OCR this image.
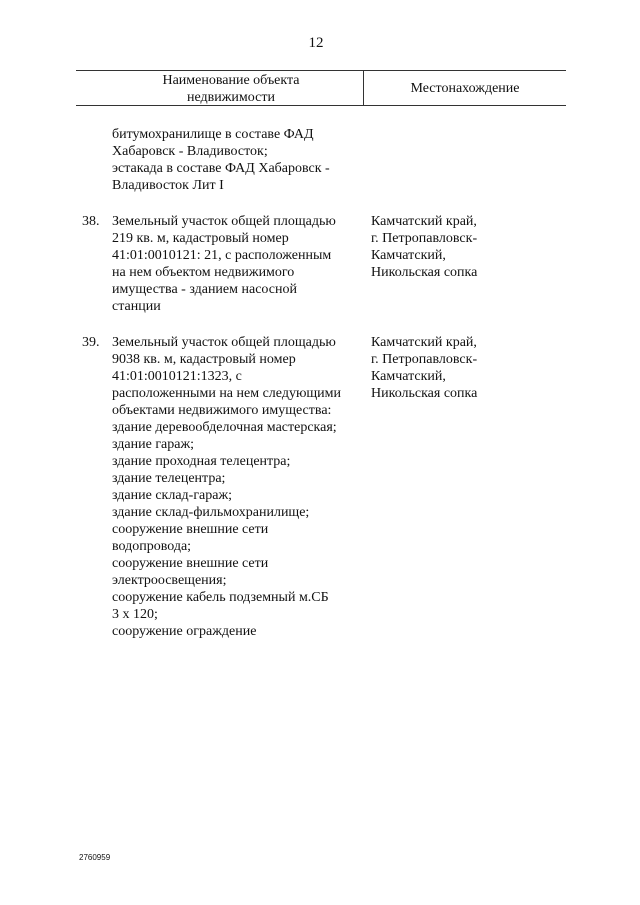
12
Наименование объекта
недвижимости
Местонахождение
битумохранилище в составе ФАД
Хабаровск - Владивосток;
эстакада в составе ФАД Хабаровск -
Владивосток Лит I
38. Земельный участок общей площадью
219 кв. м, кадастровый номер
41:01:0010121: 21, с расположенным
на нем объектом недвижимого
имущества - зданием насосной
станции
Камчатский край,
г. Петропавловск-
Камчатский,
Никольская сопка
39. Земельный участок общей площадью
9038 кв. м, кадастровый номер
41:01:0010121:1323, с
расположенными на нем следующими
объектами недвижимого имущества:
здание деревообделочная мастерская;
здание гараж;
здание проходная телецентра;
здание телецентра;
здание склад-гараж;
здание склад-фильмохранилище;
сооружение внешние сети
водопровода;
сооружение внешние сети
электроосвещения;
сооружение кабель подземный м.СБ
3 х 120;
сооружение ограждение
Камчатский край,
г. Петропавловск-
Камчатский,
Никольская сопка
2760959
